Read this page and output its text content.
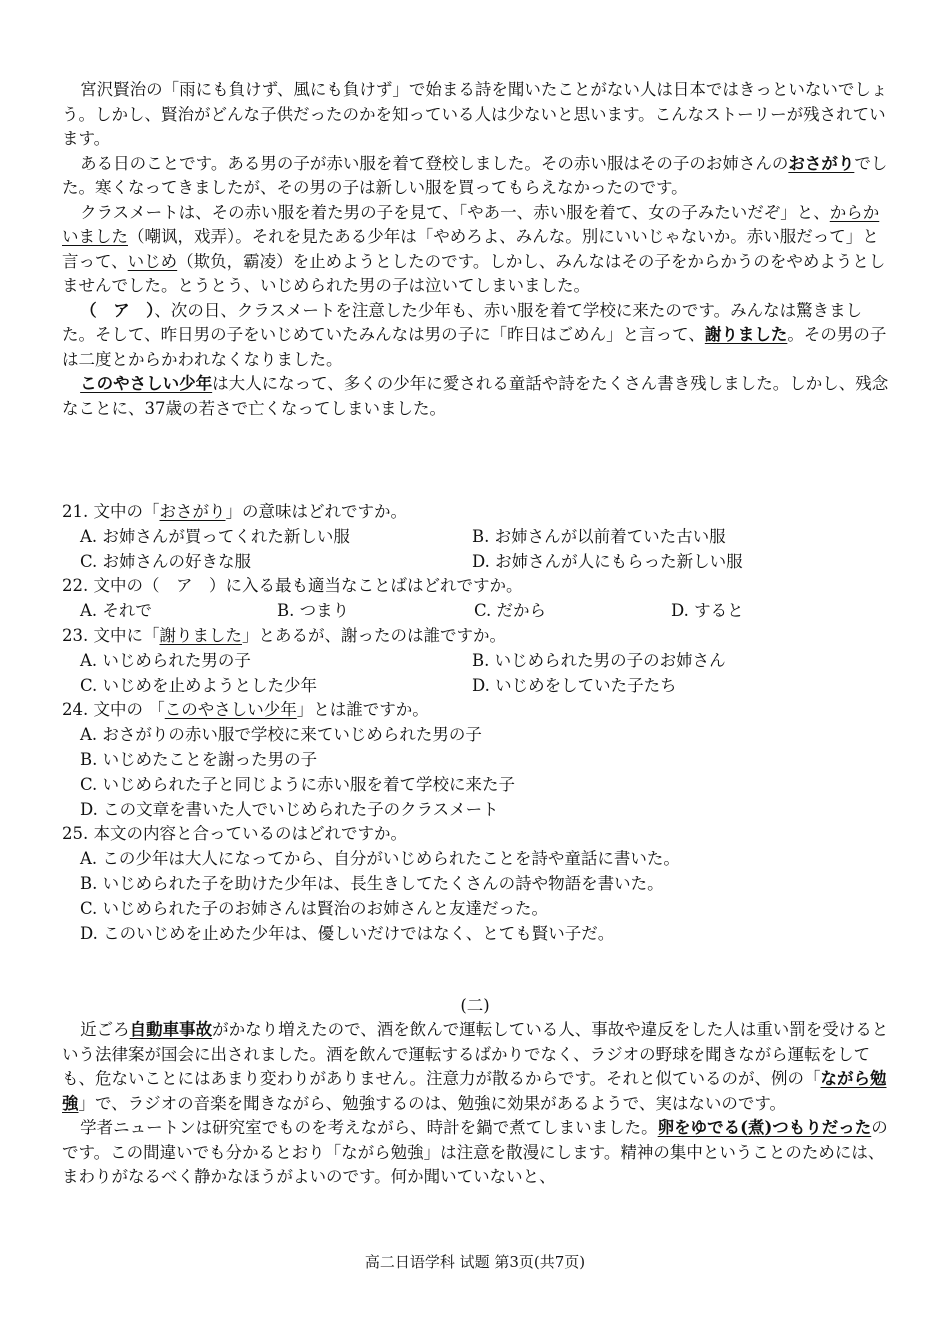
宮沢賢治の「雨にも負けず、風にも負けず」で始まる詩を聞いたことがない人は日本ではきっといないでしょう。しかし、賢治がどんな子供だったのかを知っている人は少ないと思います。こんなストーリーが残されています。

ある日のことです。ある男の子が赤い服を着て登校しました。その赤い服はその子のお姉さんのおさがりでした。寒くなってきましたが、その男の子は新しい服を買ってもらえなかったのです。

クラスメートは、その赤い服を着た男の子を見て、「やあ一、赤い服を着て、女の子みたいだぞ」と、からかいました（嘲讽，戏弄）。それを見たある少年は「やめろよ、みんな。別にいいじゃないか。赤い服だって」と言って、いじめ（欺负，霸凌）を止めようとしたのです。しかし、みんなはその子をからかうのをやめようとしませんでした。とうとう、いじめられた男の子は泣いてしまいました。

（　ア　）、次の日、クラスメートを注意した少年も、赤い服を着て学校に来たのです。みんなは驚きました。そして、昨日男の子をいじめていたみんなは男の子に「昨日はごめん」と言って、謝りました。その男の子は二度とからかわれなくなりました。

このやさしい少年は大人になって、多くの少年に愛される童話や詩をたくさん書き残しました。しかし、残念なことに、37歳の若さで亡くなってしまいました。

21. 文中の「おさがり」の意味はどれですか。

A. お姉さんが買ってくれた新しい服	B. お姉さんが以前着ていた古い服
C. お姉さんの好きな服	D. お姉さんが人にもらった新しい服

22. 文中の（　ア　）に入る最も適当なことばはどれですか。

A. それで	B. つまり	C. だから	D. すると

23. 文中に「謝りました」とあるが、謝ったのは誰ですか。

A. いじめられた男の子	B. いじめられた男の子のお姉さん
C. いじめを止めようとした少年	D. いじめをしていた子たち

24. 文中の 「このやさしい少年」とは誰ですか。

A. おさがりの赤い服で学校に来ていじめられた男の子
B. いじめたことを謝った男の子
C. いじめられた子と同じように赤い服を着て学校に来た子
D. この文章を書いた人でいじめられた子のクラスメート

25. 本文の内容と合っているのはどれですか。

A. この少年は大人になってから、自分がいじめられたことを詩や童話に書いた。
B. いじめられた子を助けた少年は、長生きしてたくさんの詩や物語を書いた。
C. いじめられた子のお姉さんは賢治のお姉さんと友達だった。
D. このいじめを止めた少年は、優しいだけではなく、とても賢い子だ。
(二)

近ごろ自動車事故がかなり増えたので、酒を飲んで運転している人、事故や違反をした人は重い罰を受けるという法律案が国会に出されました。酒を飲んで運転するばかりでなく、ラジオの野球を聞きながら運転をしても、危ないことにはあまり変わりがありません。注意力が散るからです。それと似ているのが、例の「ながら勉強」で、ラジオの音楽を聞きながら、勉強するのは、勉強に効果があるようで、実はないのです。

学者ニュートンは研究室でものを考えながら、時計を鍋で煮てしまいました。卵をゆでる(煮)つもりだったのです。この間違いでも分かるとおり「ながら勉強」は注意を散漫にします。精神の集中ということのためには、まわりがなるべく静かなほうがよいのです。何か聞いていないと、

高二日语学科 试题 第3页(共7页)
